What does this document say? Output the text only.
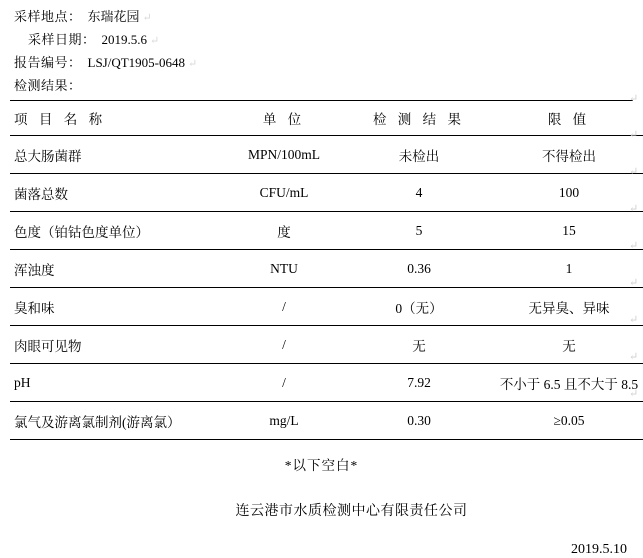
采样地点： 东瑞花园 ↵
采样日期： 2019.5.6 ↵
报告编号： LSJ/QT1905-0648 ↵
检测结果：
项 目 名 称	单 位	检 测 结 果	限 值
总大肠菌群	MPN/100mL	未检出	不得检出
菌落总数	CFU/mL	4	100
色度（铂钴色度单位）	度	5	15
浑浊度	NTU	0.36	1
臭和味	/	0（无）	无异臭、异味
肉眼可见物	/	无	无
pH	/	7.92	不小于 6.5 且不大于 8.5
氯气及游离氯制剂(游离氯）	mg/L	0.30	≥0.05
*以下空白*
连云港市水质检测中心有限责任公司
2019.5.10
↵
↵
↵
↵
↵
↵
↵
↵
↵
